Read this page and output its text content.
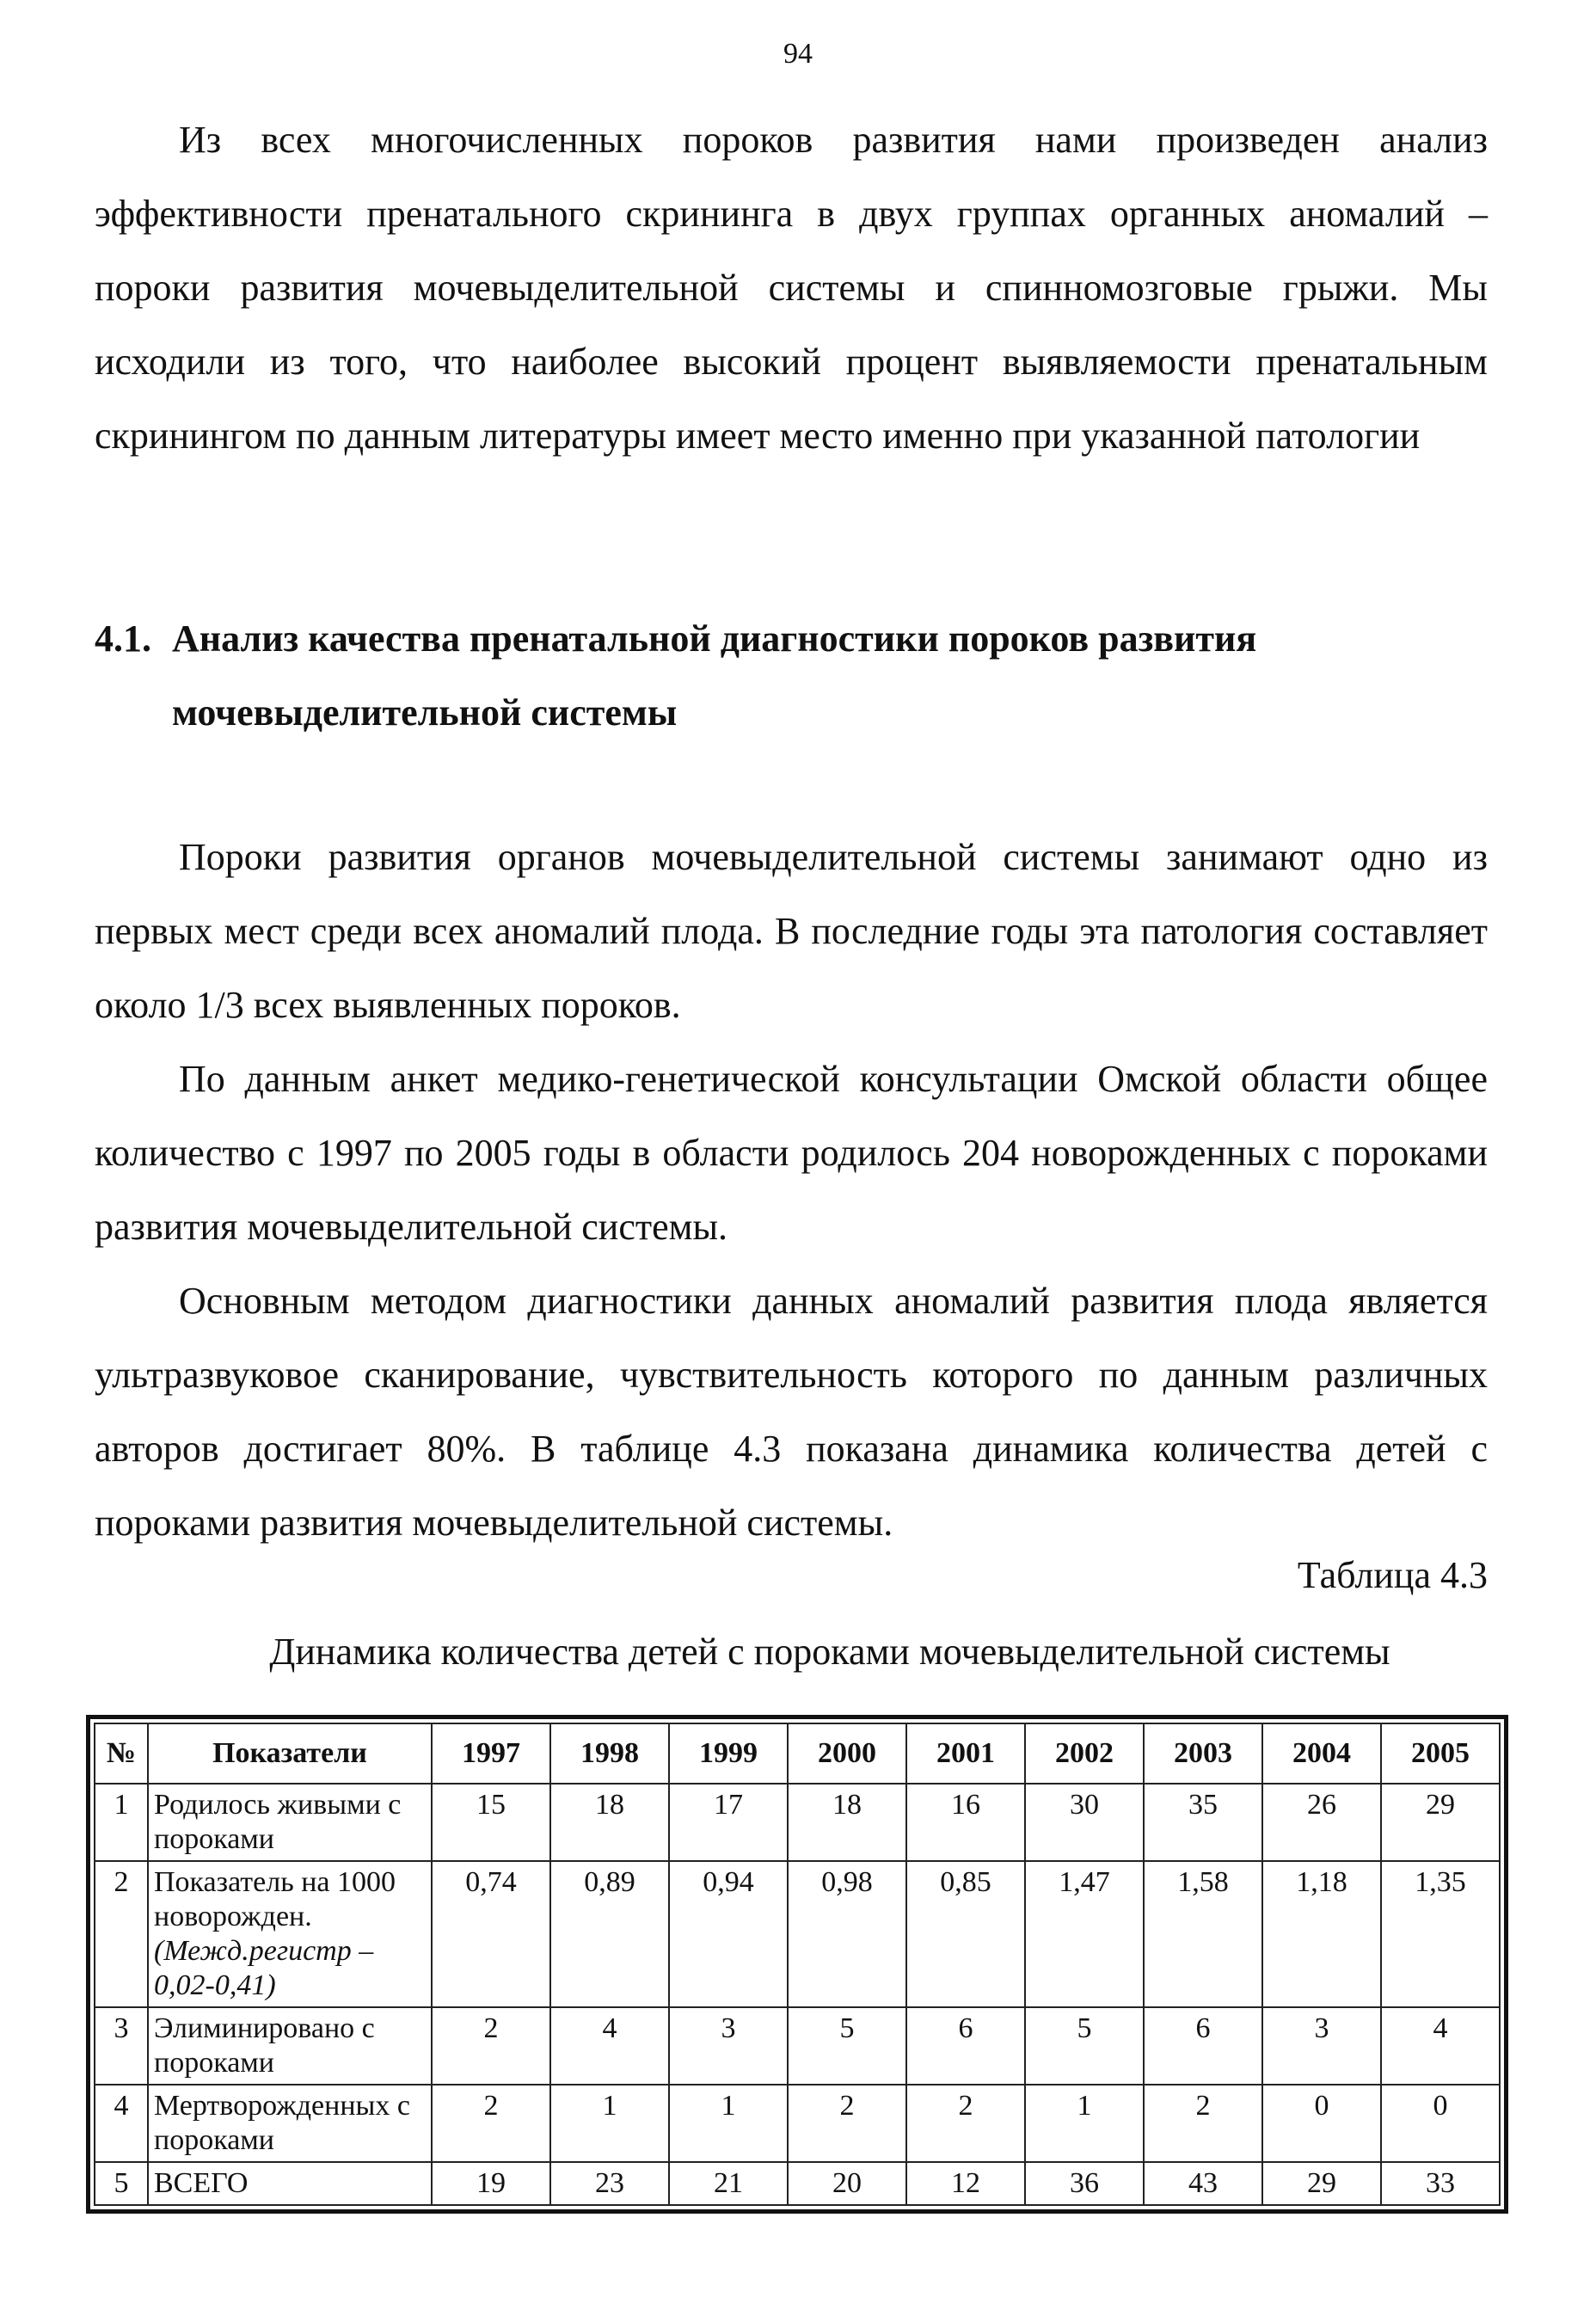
94

Из всех многочисленных пороков развития нами произведен анализ эффективности пренатального скрининга в двух группах органных аномалий – пороки развития мочевыделительной системы и спинномозговые грыжи. Мы исходили из того, что наиболее высокий процент выявляемости пренатальным скринингом по данным литературы имеет место именно при указанной патологии

4.1. Анализ качества пренатальной диагностики пороков развития
мочевыделительной системы

Пороки развития органов мочевыделительной системы занимают одно из первых мест среди всех аномалий плода. В последние годы эта патология составляет около 1/3 всех выявленных пороков.

По данным анкет медико-генетической консультации Омской области общее количество с 1997 по 2005 годы в области родилось 204 новорожденных с пороками развития мочевыделительной системы.

Основным методом диагностики данных аномалий развития плода является ультразвуковое сканирование, чувствительность которого по данным различных авторов достигает 80%. В таблице 4.3 показана динамика количества детей с пороками развития мочевыделительной системы.

Таблица 4.3
Динамика количества детей с пороками мочевыделительной системы
№	Показатели	1997	1998	1999	2000	2001	2002	2003	2004	2005
1	Родилось живыми с пороками	15	18	17	18	16	30	35	26	29
2	Показатель на 1000 новорожден. (Межд.регистр – 0,02-0,41)	0,74	0,89	0,94	0,98	0,85	1,47	1,58	1,18	1,35
3	Элиминировано с пороками	2	4	3	5	6	5	6	3	4
4	Мертворожденных с пороками	2	1	1	2	2	1	2	0	0
5	ВСЕГО	19	23	21	20	12	36	43	29	33
